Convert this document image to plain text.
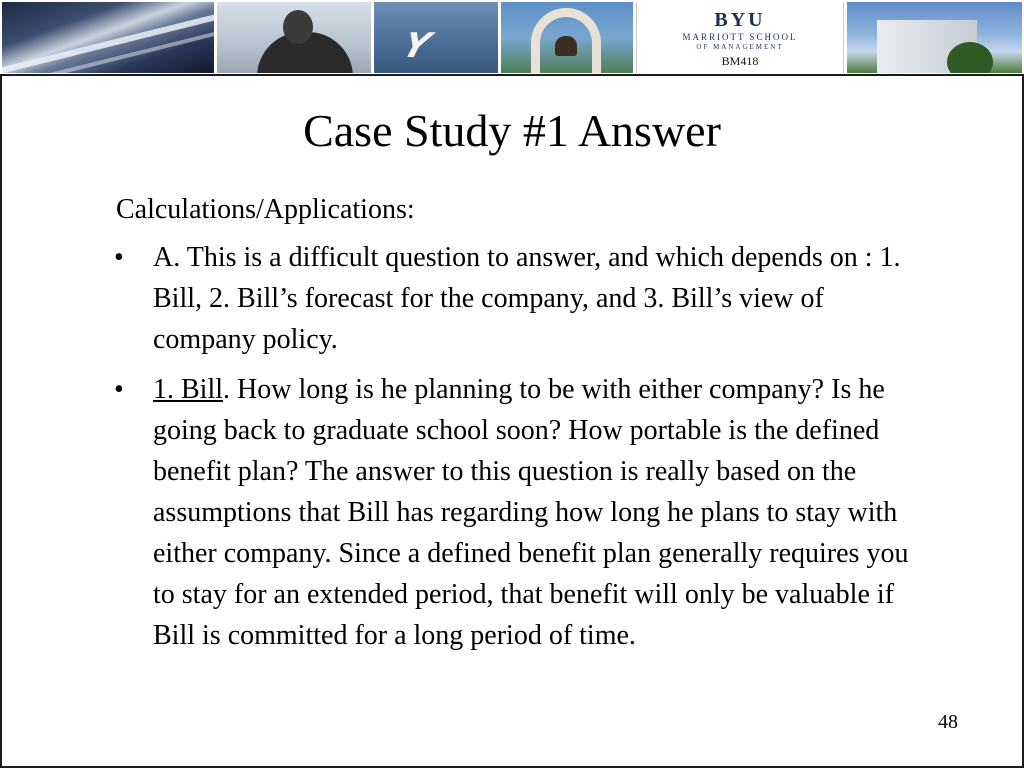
Y
BYU
MARRIOTT SCHOOL
OF MANAGEMENT
BM418
Case Study #1 Answer
Calculations/Applications:
• A. This is a difficult question to answer, and which depends on : 1. Bill, 2. Bill’s forecast for the company, and 3. Bill’s view of company policy.
• 1. Bill. How long is he planning to be with either company? Is he going back to graduate school soon? How portable is the defined benefit plan? The answer to this question is really based on the assumptions that Bill has regarding how long he plans to stay with either company. Since a defined benefit plan generally requires you to stay for an extended period, that benefit will only be valuable if Bill is committed for a long period of time.
48
